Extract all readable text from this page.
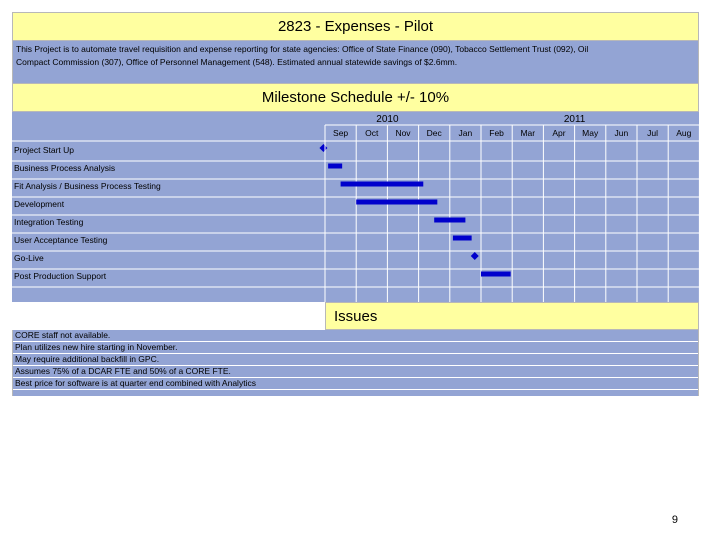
2823 - Expenses - Pilot

This Project is to automate travel requisition and expense reporting for state agencies: Office of State Finance (090), Tobacco Settlement Trust (092), Oil

Compact Commission (307), Office of Personnel Management (548). Estimated annual statewide savings of $2.6mm.

Milestone Schedule +/- 10%
2010	2011
Sep Oct Nov Dec Jan Feb Mar Apr May Jun Jul Aug
Project Start Up
Business Process Analysis
Fit Analysis / Business Process Testing
Development
Integration Testing
User Acceptance Testing
Go-Live
Post Production Support
Issues
CORE staff not available.
Plan utilizes new hire starting in November.
May require additional backfill in GPC.
Assumes 75% of a DCAR FTE and 50% of a CORE FTE.
Best price for software is at quarter end combined with Analytics
9
